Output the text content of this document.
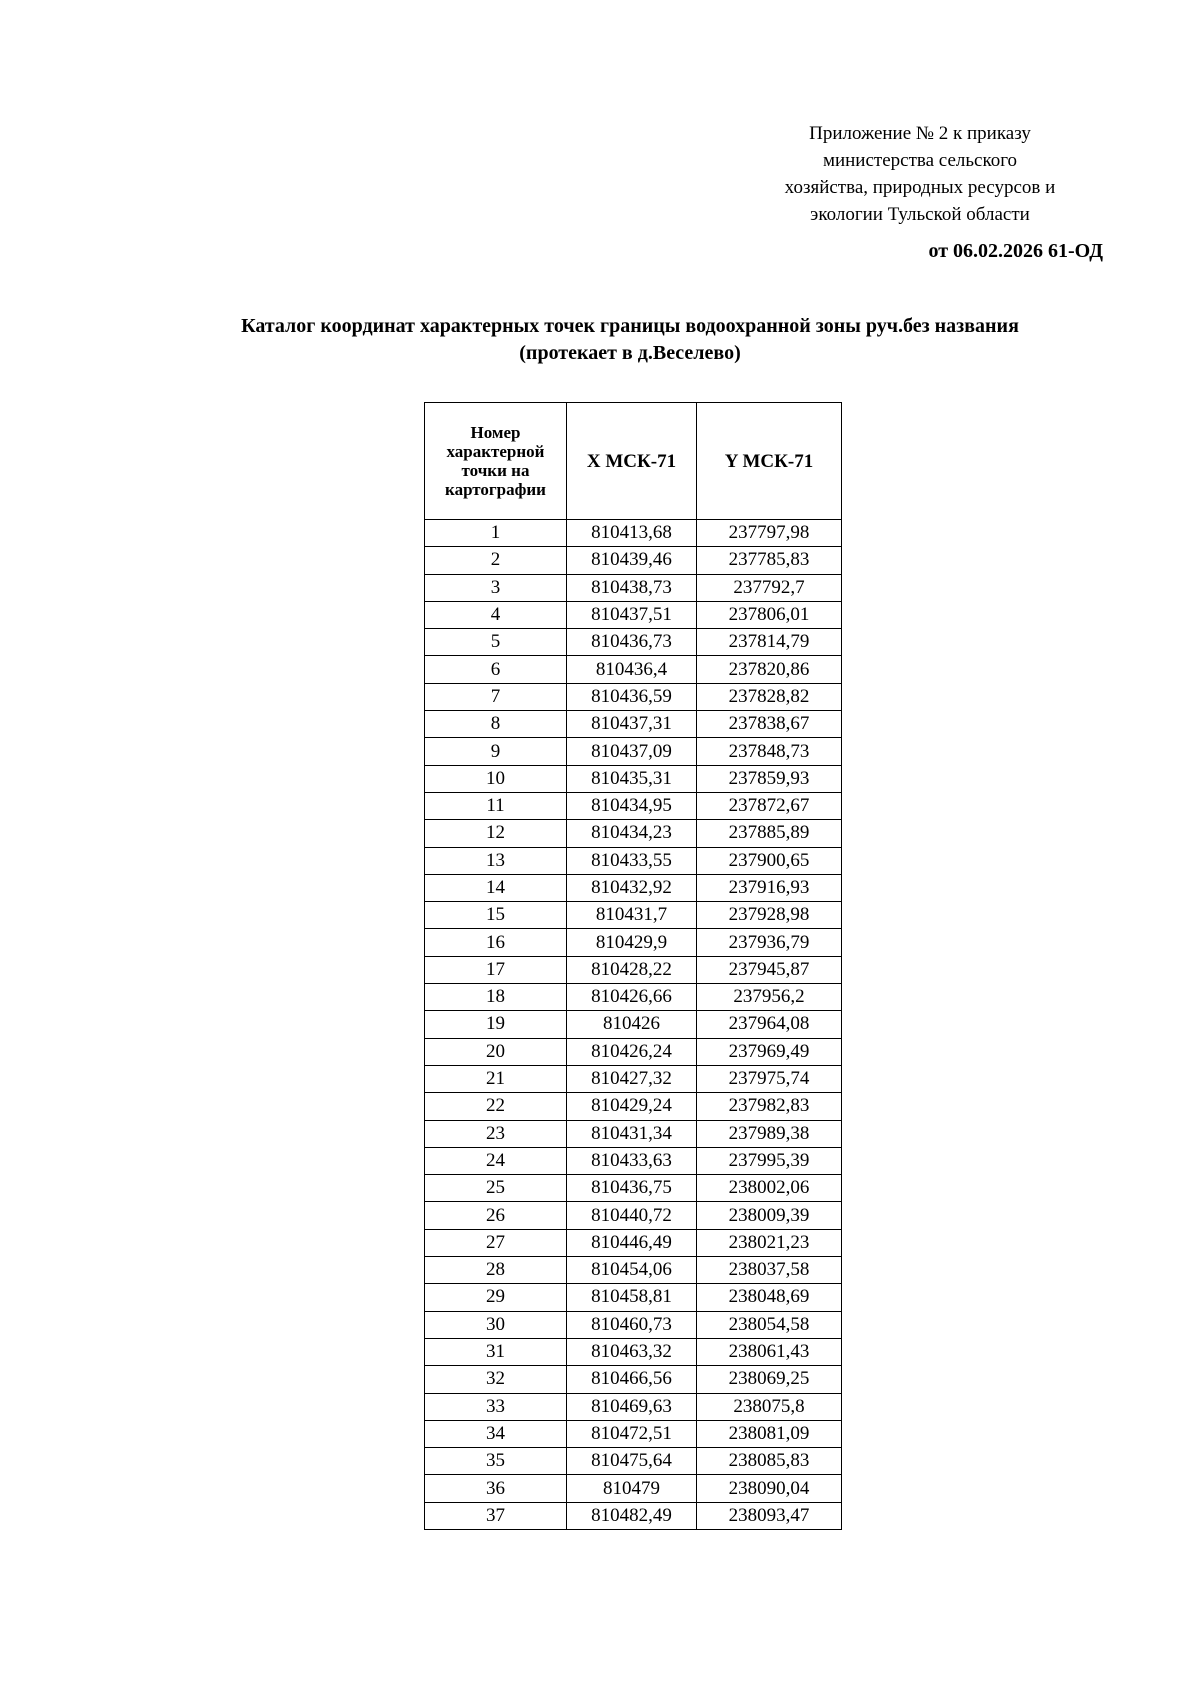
Приложение № 2 к приказу
министерства сельского
хозяйства, природных ресурсов и
экологии Тульской области
от 06.02.2026 61-ОД
Каталог координат характерных точек границы водоохранной зоны руч.без названия
(протекает в д.Веселево)
Номер характерной точки на картографии	X МСК-71	Y МСК-71
1	810413,68	237797,98
2	810439,46	237785,83
3	810438,73	237792,7
4	810437,51	237806,01
5	810436,73	237814,79
6	810436,4	237820,86
7	810436,59	237828,82
8	810437,31	237838,67
9	810437,09	237848,73
10	810435,31	237859,93
11	810434,95	237872,67
12	810434,23	237885,89
13	810433,55	237900,65
14	810432,92	237916,93
15	810431,7	237928,98
16	810429,9	237936,79
17	810428,22	237945,87
18	810426,66	237956,2
19	810426	237964,08
20	810426,24	237969,49
21	810427,32	237975,74
22	810429,24	237982,83
23	810431,34	237989,38
24	810433,63	237995,39
25	810436,75	238002,06
26	810440,72	238009,39
27	810446,49	238021,23
28	810454,06	238037,58
29	810458,81	238048,69
30	810460,73	238054,58
31	810463,32	238061,43
32	810466,56	238069,25
33	810469,63	238075,8
34	810472,51	238081,09
35	810475,64	238085,83
36	810479	238090,04
37	810482,49	238093,47
